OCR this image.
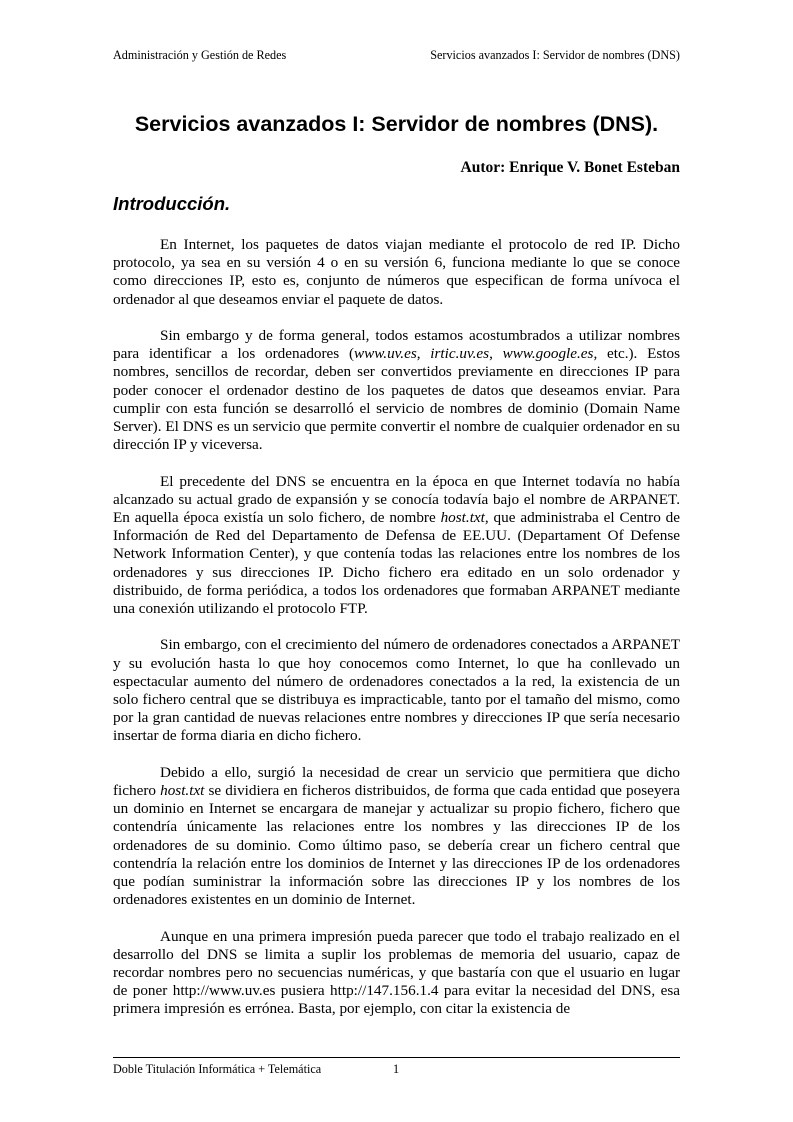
Administración y Gestión de Redes	Servicios avanzados I: Servidor de nombres (DNS)
Servicios avanzados I: Servidor de nombres (DNS).

Autor: Enrique V. Bonet Esteban

Introducción.

En Internet, los paquetes de datos viajan mediante el protocolo de red IP. Dicho protocolo, ya sea en su versión 4 o en su versión 6, funciona mediante lo que se conoce como direcciones IP, esto es, conjunto de números que especifican de forma unívoca el ordenador al que deseamos enviar el paquete de datos.

Sin embargo y de forma general, todos estamos acostumbrados a utilizar nombres para identificar a los ordenadores (www.uv.es, irtic.uv.es, www.google.es, etc.). Estos nombres, sencillos de recordar, deben ser convertidos previamente en direcciones IP para poder conocer el ordenador destino de los paquetes de datos que deseamos enviar. Para cumplir con esta función se desarrolló el servicio de nombres de dominio (Domain Name Server). El DNS es un servicio que permite convertir el nombre de cualquier ordenador en su dirección IP y viceversa.

El precedente del DNS se encuentra en la época en que Internet todavía no había alcanzado su actual grado de expansión y se conocía todavía bajo el nombre de ARPANET. En aquella época existía un solo fichero, de nombre host.txt, que administraba el Centro de Información de Red del Departamento de Defensa de EE.UU. (Departament Of Defense Network Information Center), y que contenía todas las relaciones entre los nombres de los ordenadores y sus direcciones IP. Dicho fichero era editado en un solo ordenador y distribuido, de forma periódica, a todos los ordenadores que formaban ARPANET mediante una conexión utilizando el protocolo FTP.

Sin embargo, con el crecimiento del número de ordenadores conectados a ARPANET y su evolución hasta lo que hoy conocemos como Internet, lo que ha conllevado un espectacular aumento del número de ordenadores conectados a la red, la existencia de un solo fichero central que se distribuya es impracticable, tanto por el tamaño del mismo, como por la gran cantidad de nuevas relaciones entre nombres y direcciones IP que sería necesario insertar de forma diaria en dicho fichero.

Debido a ello, surgió la necesidad de crear un servicio que permitiera que dicho fichero host.txt se dividiera en ficheros distribuidos, de forma que cada entidad que poseyera un dominio en Internet se encargara de manejar y actualizar su propio fichero, fichero que contendría únicamente las relaciones entre los nombres y las direcciones IP de los ordenadores de su dominio. Como último paso, se debería crear un fichero central que contendría la relación entre los dominios de Internet y las direcciones IP de los ordenadores que podían suministrar la información sobre las direcciones IP y los nombres de los ordenadores existentes en un dominio de Internet.

Aunque en una primera impresión pueda parecer que todo el trabajo realizado en el desarrollo del DNS se limita a suplir los problemas de memoria del usuario, capaz de recordar nombres pero no secuencias numéricas, y que bastaría con que el usuario en lugar de poner http://www.uv.es pusiera http://147.156.1.4 para evitar la necesidad del DNS, esa primera impresión es errónea. Basta, por ejemplo, con citar la existencia de

Doble Titulación Informática + Telemática	1
